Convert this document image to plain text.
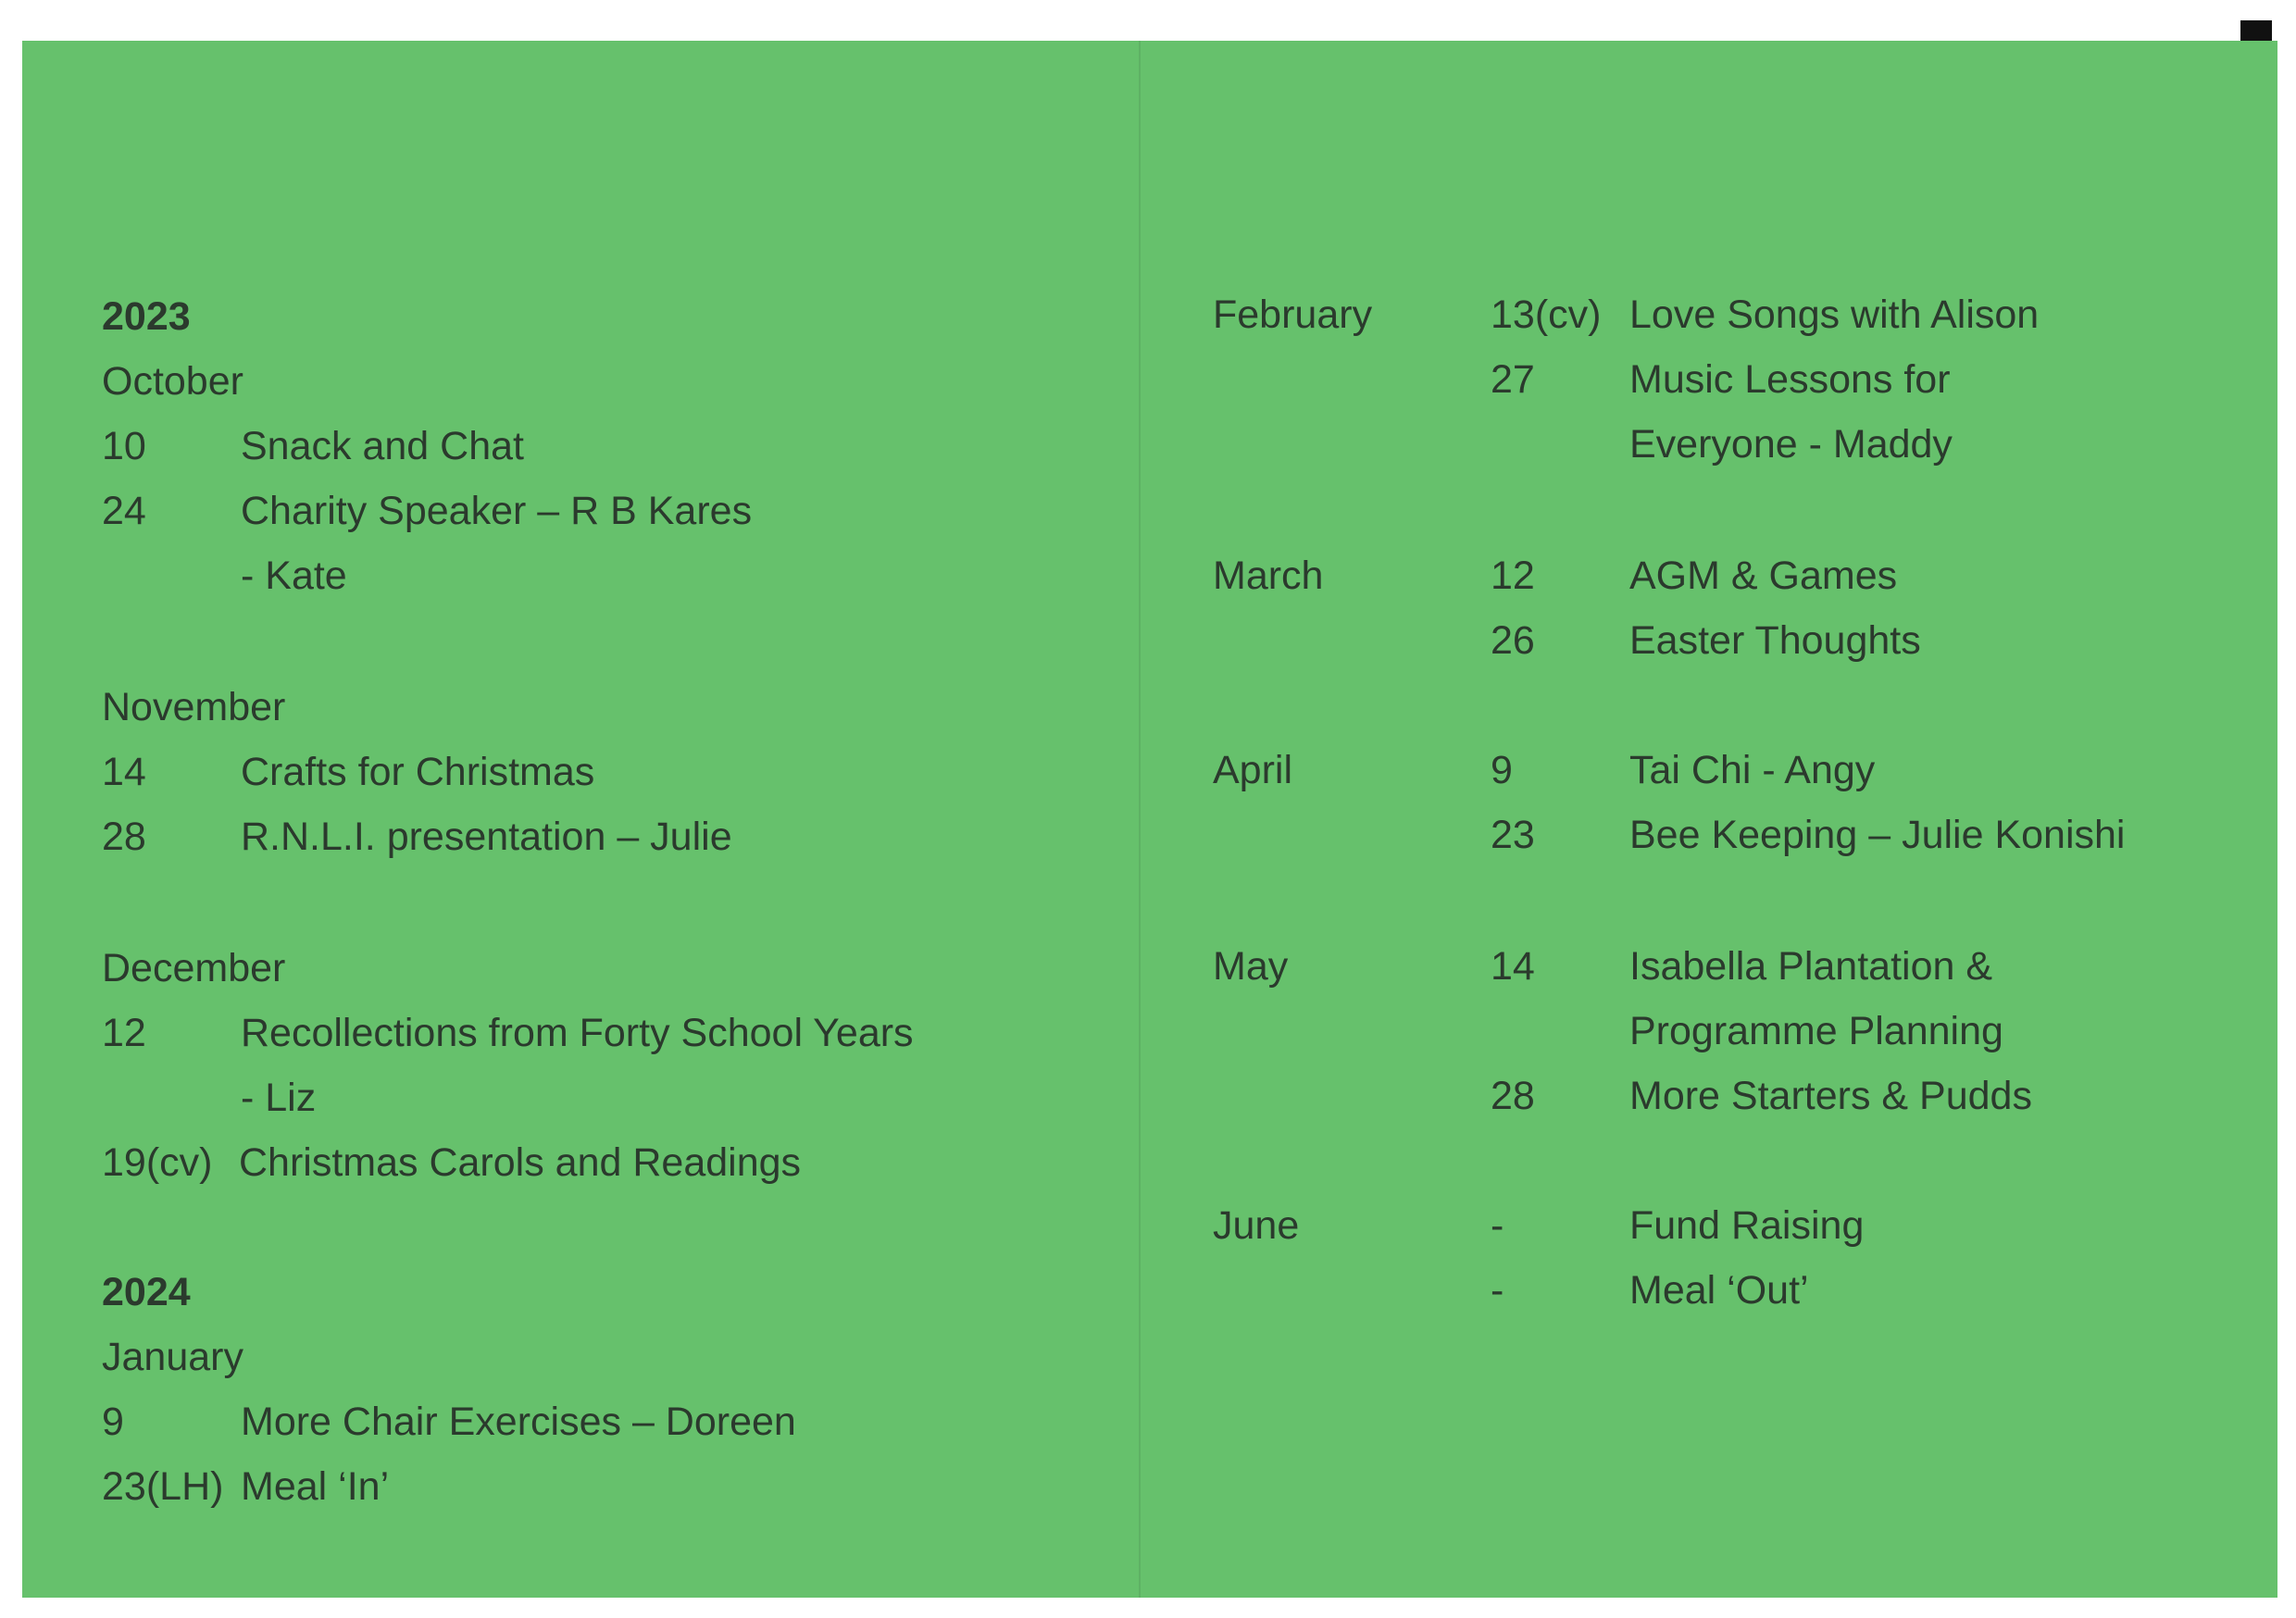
2023
October
10 Snack and Chat
24 Charity Speaker – R B Kares
- Kate
November
14 Crafts for Christmas
28 R.N.L.I. presentation – Julie
December
12 Recollections from Forty School Years
- Liz
19(cv) Christmas Carols and Readings
2024
January
9	More Chair Exercises – Doreen
23(LH) Meal ‘In’
February	13(cv) Love Songs with Alison
27 Music Lessons for
Everyone - Maddy
March	12 AGM & Games
26 Easter Thoughts
April	9	Tai Chi - Angy
23 Bee Keeping – Julie Konishi
May	14 Isabella Plantation &
Programme Planning
28 More Starters & Pudds
June	-	Fund Raising
-	Meal ‘Out’
